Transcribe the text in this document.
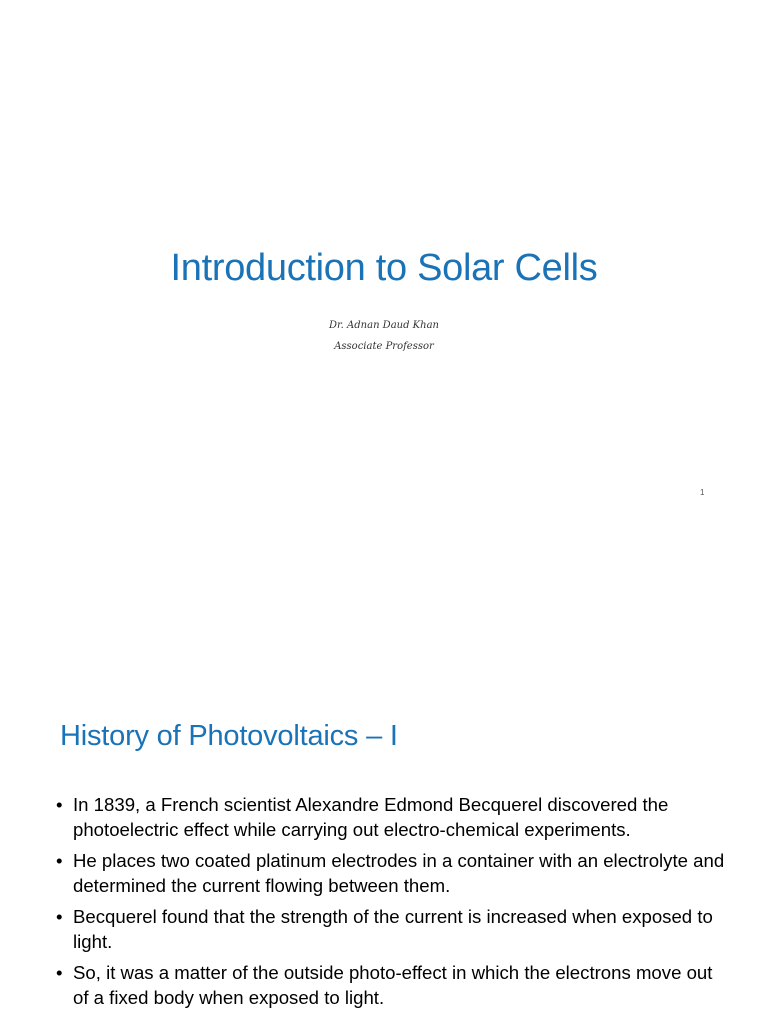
Introduction to Solar Cells
Dr. Adnan Daud Khan
Associate Professor
1
History of Photovoltaics – I
• In 1839, a French scientist Alexandre Edmond Becquerel discovered the photoelectric effect while carrying out electro-chemical experiments.
• He places two coated platinum electrodes in a container with an electrolyte and determined the current flowing between them.
• Becquerel found that the strength of the current is increased when exposed to light.
• So, it was a matter of the outside photo-effect in which the electrons move out of a fixed body when exposed to light.
